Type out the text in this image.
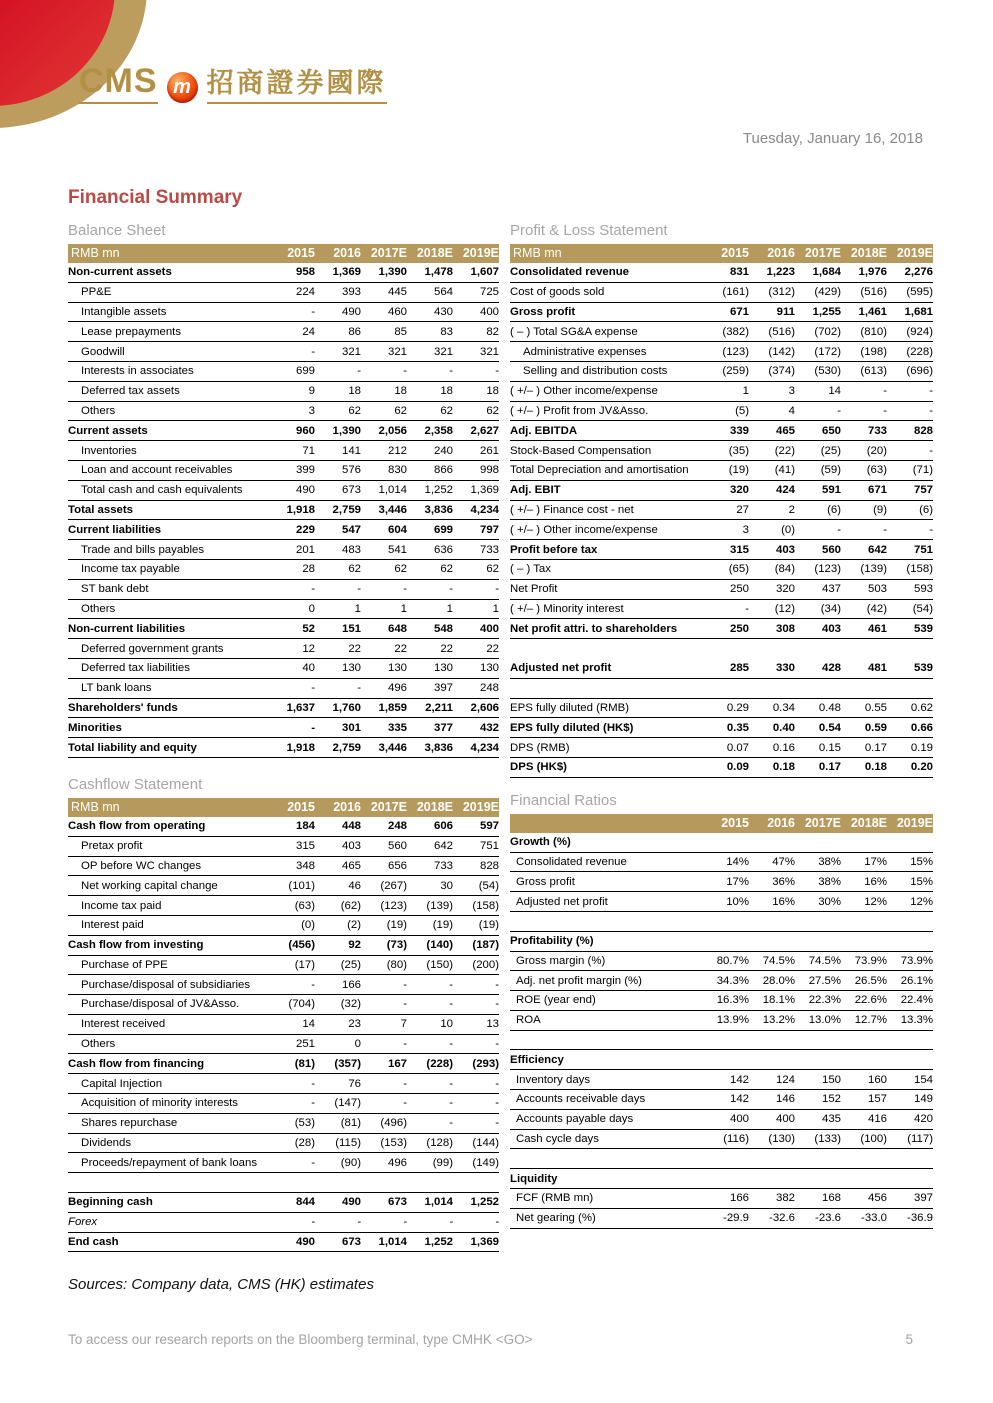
CMS m 招商證券國際
Tuesday, January 16, 2018
Financial Summary
Balance Sheet
RMB mn	2015	2016 2017E 2018E 2019E
Non-current assets	958	1,369	1,390	1,478	1,607
PP&E	224	393	445	564	725
Intangible assets	-	490	460	430	400
Lease prepayments	24	86	85	83	82
Goodwill	-	321	321	321	321
Interests in associates	699	-	-	-	-
Deferred tax assets	9	18	18	18	18
Others	3	62	62	62	62
Current assets	960	1,390	2,056	2,358	2,627
Inventories	71	141	212	240	261
Loan and account receivables	399	576	830	866	998
Total cash and cash equivalents	490	673	1,014	1,252	1,369
Total assets	1,918	2,759	3,446	3,836	4,234
Current liabilities	229	547	604	699	797
Trade and bills payables	201	483	541	636	733
Income tax payable	28	62	62	62	62
ST bank debt	-	-	-	-	-
Others	0	1	1	1	1
Non-current liabilities	52	151	648	548	400
Deferred government grants	12	22	22	22	22
Deferred tax liabilities	40	130	130	130	130
LT bank loans	-	-	496	397	248
Shareholders' funds	1,637	1,760	1,859	2,211	2,606
Minorities	-	301	335	377	432
Total liability and equity	1,918	2,759	3,446	3,836	4,234
Cashflow Statement
RMB mn	2015	2016 2017E 2018E 2019E
Cash flow from operating	184	448	248	606	597
Pretax profit	315	403	560	642	751
OP before WC changes	348	465	656	733	828
Net working capital change	(101)	46	(267)	30	(54)
Income tax paid	(63)	(62)	(123)	(139)	(158)
Interest paid	(0)	(2)	(19)	(19)	(19)
Cash flow from investing	(456)	92	(73)	(140)	(187)
Purchase of PPE	(17)	(25)	(80)	(150)	(200)
Purchase/disposal of subsidiaries	-	166	-	-	-
Purchase/disposal of JV&Asso.	(704)	(32)	-	-	-
Interest received	14	23	7	10	13
Others	251	0	-	-	-
Cash flow from financing	(81)	(357)	167	(228)	(293)
Capital Injection	-	76	-	-	-
Acquisition of minority interests	-	(147)	-	-	-
Shares repurchase	(53)	(81)	(496)	-	-
Dividends	(28)	(115)	(153)	(128)	(144)
Proceeds/repayment of bank loans	-	(90)	496	(99)	(149)
Beginning cash	844	490	673	1,014	1,252
Forex	-	-	-	-	-
End cash	490	673	1,014	1,252	1,369
Profit & Loss Statement
RMB mn	2015	2016 2017E 2018E 2019E
Consolidated revenue	831	1,223	1,684	1,976	2,276
Cost of goods sold	(161)	(312)	(429)	(516)	(595)
Gross profit	671	911	1,255	1,461	1,681
( – ) Total SG&A expense	(382)	(516)	(702)	(810)	(924)
Administrative expenses	(123)	(142)	(172)	(198)	(228)
Selling and distribution costs	(259)	(374)	(530)	(613)	(696)
( +/– ) Other income/expense	1	3	14	-	-
( +/– ) Profit from JV&Asso.	(5)	4	-	-	-
Adj. EBITDA	339	465	650	733	828
Stock-Based Compensation	(35)	(22)	(25)	(20)	-
Total Depreciation and amortisation	(19)	(41)	(59)	(63)	(71)
Adj. EBIT	320	424	591	671	757
( +/– ) Finance cost - net	27	2	(6)	(9)	(6)
( +/– ) Other income/expense	3	(0)	-	-	-
Profit before tax	315	403	560	642	751
( – ) Tax	(65)	(84)	(123)	(139)	(158)
Net Profit	250	320	437	503	593
( +/– ) Minority interest	-	(12)	(34)	(42)	(54)
Net profit attri. to shareholders	250	308	403	461	539
Adjusted net profit	285	330	428	481	539
EPS fully diluted (RMB)	0.29	0.34	0.48	0.55	0.62
EPS fully diluted (HK$)	0.35	0.40	0.54	0.59	0.66
DPS (RMB)	0.07	0.16	0.15	0.17	0.19
DPS (HK$)	0.09	0.18	0.17	0.18	0.20
Financial Ratios
2015	2016 2017E 2018E 2019E
Growth (%)
Consolidated revenue	14%	47%	38%	17%	15%
Gross profit	17%	36%	38%	16%	15%
Adjusted net profit	10%	16%	30%	12%	12%
Profitability (%)
Gross margin (%)	80.7%	74.5%	74.5%	73.9%	73.9%
Adj. net profit margin (%)	34.3%	28.0%	27.5%	26.5%	26.1%
ROE (year end)	16.3%	18.1%	22.3%	22.6%	22.4%
ROA	13.9%	13.2%	13.0%	12.7%	13.3%
Efficiency
Inventory days	142	124	150	160	154
Accounts receivable days	142	146	152	157	149
Accounts payable days	400	400	435	416	420
Cash cycle days	(116)	(130)	(133)	(100)	(117)
Liquidity
FCF (RMB mn)	166	382	168	456	397
Net gearing (%)	-29.9	-32.6	-23.6	-33.0	-36.9
Sources: Company data, CMS (HK) estimates
To access our research reports on the Bloomberg terminal, type CMHK <GO>	5
